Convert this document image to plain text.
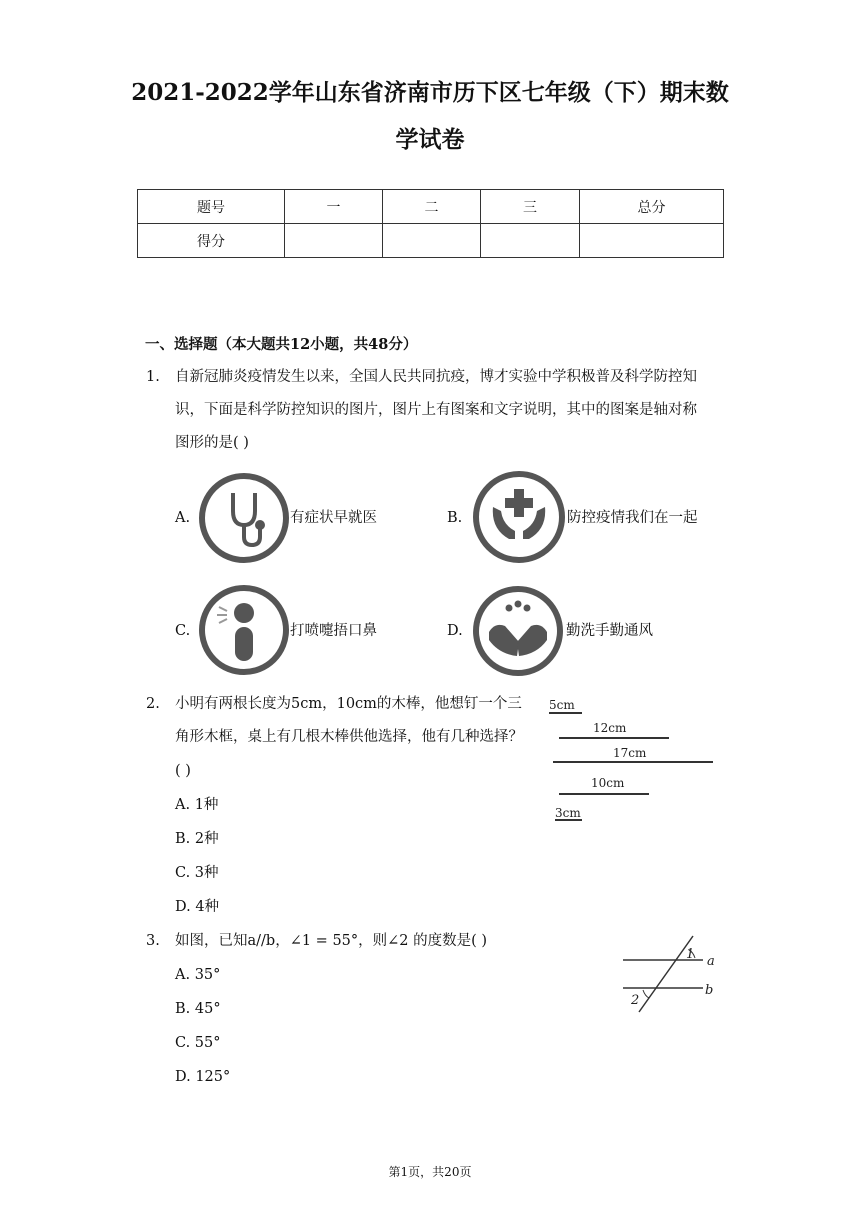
2021-2022学年山东省济南市历下区七年级（下）期末数
学试卷
题号	一	二	三	总分
得分				
一、选择题（本大题共12小题，共48分）
1. 自新冠肺炎疫情发生以来，全国人民共同抗疫，博才实验中学积极普及科学防控知
识，下面是科学防控知识的图片，图片上有图案和文字说明，其中的图案是轴对称
图形的是( )
A.	有症状早就医	B.	防控疫情我们在一起
C.	打喷嚏捂口鼻	D.	勤洗手勤通风
2. 小明有两根长度为5cm，10cm的木棒，他想钉一个三
角形木框，桌上有几根木棒供他选择，他有几种选择？
( )
A. 1种
B. 2种
C. 3种
D. 4种
5cm
12cm
17cm
10cm
3cm
3. 如图，已知a//b，∠1 = 55°，则∠2 的度数是( )
A. 35°
B. 45°
C. 55°
D. 125°
1 a
2
b
第1页，共20页
